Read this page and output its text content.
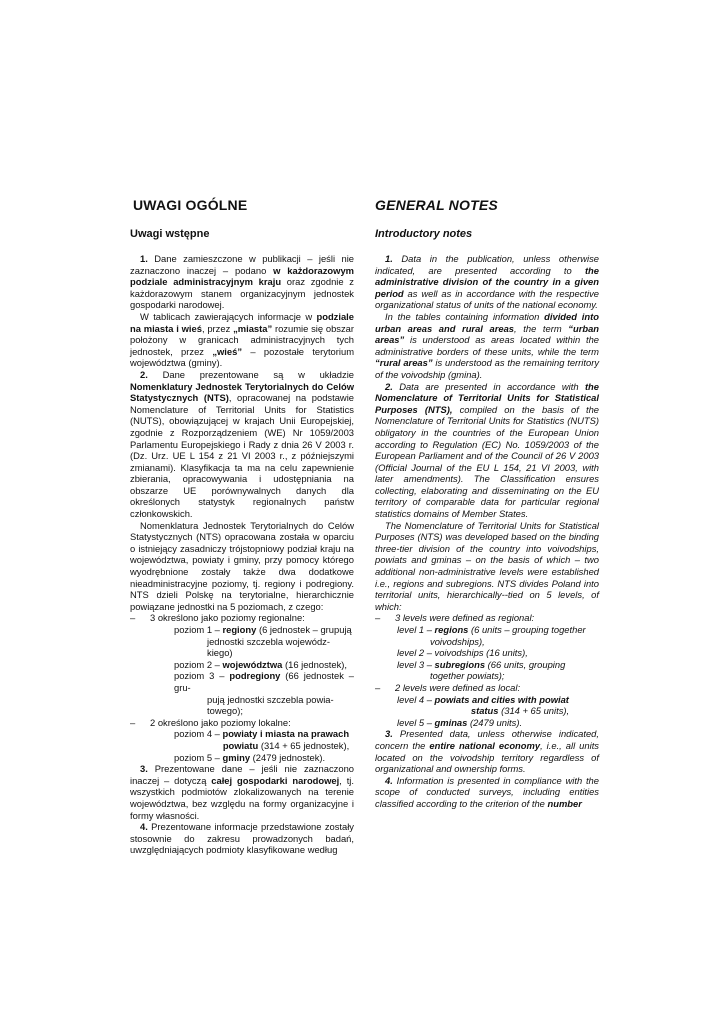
UWAGI OGÓLNE
Uwagi wstępne

1. Dane zamieszczone w publikacji – jeśli nie zaznaczono inaczej – podano w każdorazowym podziale administracyjnym kraju oraz zgodnie z każdorazowym stanem organizacyjnym jednostek gospodarki narodowej.

W tablicach zawierających informacje w podziale na miasta i wieś, przez „miasta” rozumie się obszar położony w granicach administracyjnych tych jednostek, przez „wieś” – pozostałe terytorium województwa (gminy).

2. Dane prezentowane są w układzie Nomenklatury Jednostek Terytorialnych do Celów Statystycznych (NTS), opracowanej na podstawie Nomenclature of Territorial Units for Statistics (NUTS), obowiązującej w krajach Unii Europejskiej, zgodnie z Rozporządzeniem (WE) Nr 1059/2003 Parlamentu Europejskiego i Rady z dnia 26 V 2003 r. (Dz. Urz. UE L 154 z 21 VI 2003 r., z późniejszymi zmianami). Klasyfikacja ta ma na celu zapewnienie zbierania, opracowywania i udostępniania na obszarze UE porównywalnych danych dla określonych statystyk regionalnych państw członkowskich.

Nomenklatura Jednostek Terytorialnych do Celów Statystycznych (NTS) opracowana została w oparciu o istniejący zasadniczy trójstopniowy podział kraju na województwa, powiaty i gminy, przy pomocy którego wyodrębnione zostały także dwa dodatkowe nieadministracyjne poziomy, tj. regiony i podregiony. NTS dzieli Polskę na terytorialne, hierarchicznie powiązane jednostki na 5 poziomach, z czego:

– 3 określono jako poziomy regionalne:
poziom 1 – regiony (6 jednostek – grupują
jednostki szczebla wojewódz-kiego)
poziom 2 – województwa (16 jednostek),
poziom 3 – podregiony (66 jednostek – gru-
pują jednostki szczebla powia-towego);
– 2 określono jako poziomy lokalne:
poziom 4 – powiaty i miasta na prawach
powiatu (314 + 65 jednostek),
poziom 5 – gminy (2479 jednostek).

3. Prezentowane dane – jeśli nie zaznaczono inaczej – dotyczą całej gospodarki narodowej, tj. wszystkich podmiotów zlokalizowanych na terenie województwa, bez względu na formy organizacyjne i formy własności.

4. Prezentowane informacje przedstawione zostały stosownie do zakresu prowadzonych badań, uwzględniających podmioty klasyfikowane według

GENERAL NOTES
Introductory notes

1. Data in the publication, unless otherwise indicated, are presented according to the administrative division of the country in a given period as well as in accordance with the respective organizational status of units of the national economy.

In the tables containing information divided into urban areas and rural areas, the term “urban areas” is understood as areas located within the administrative borders of these units, while the term “rural areas” is understood as the remaining territory of the voivodship (gmina).

2. Data are presented in accordance with the Nomenclature of Territorial Units for Statistical Purposes (NTS), compiled on the basis of the Nomenclature of Territorial Units for Statistics (NUTS) obligatory in the countries of the European Union according to Regulation (EC) No. 1059/2003 of the European Parliament and of the Council of 26 V 2003 (Official Journal of the EU L 154, 21 VI 2003, with later amendments). The Classification ensures collecting, elaborating and disseminating on the EU territory of comparable data for particular regional statistics domains of Member States.

The Nomenclature of Territorial Units for Statistical Purposes (NTS) was developed based on the binding three-tier division of the country into voivodships, powiats and gminas – on the basis of which – two additional non-administrative levels were established i.e., regions and subregions. NTS divides Poland into territorial units, hierarchically--tied on 5 levels, of which:

– 3 levels were defined as regional:
level 1 – regions (6 units – grouping together
voivodships),
level 2 – voivodships (16 units),
level 3 – subregions (66 units, grouping
together powiats);
– 2 levels were defined as local:
level 4 – powiats and cities with powiat
status (314 + 65 units),
level 5 – gminas (2479 units).

3. Presented data, unless otherwise indicated, concern the entire national economy, i.e., all units located on the voivodship territory regardless of organizational and ownership forms.

4. Information is presented in compliance with the scope of conducted surveys, including entities classified according to the criterion of the number
